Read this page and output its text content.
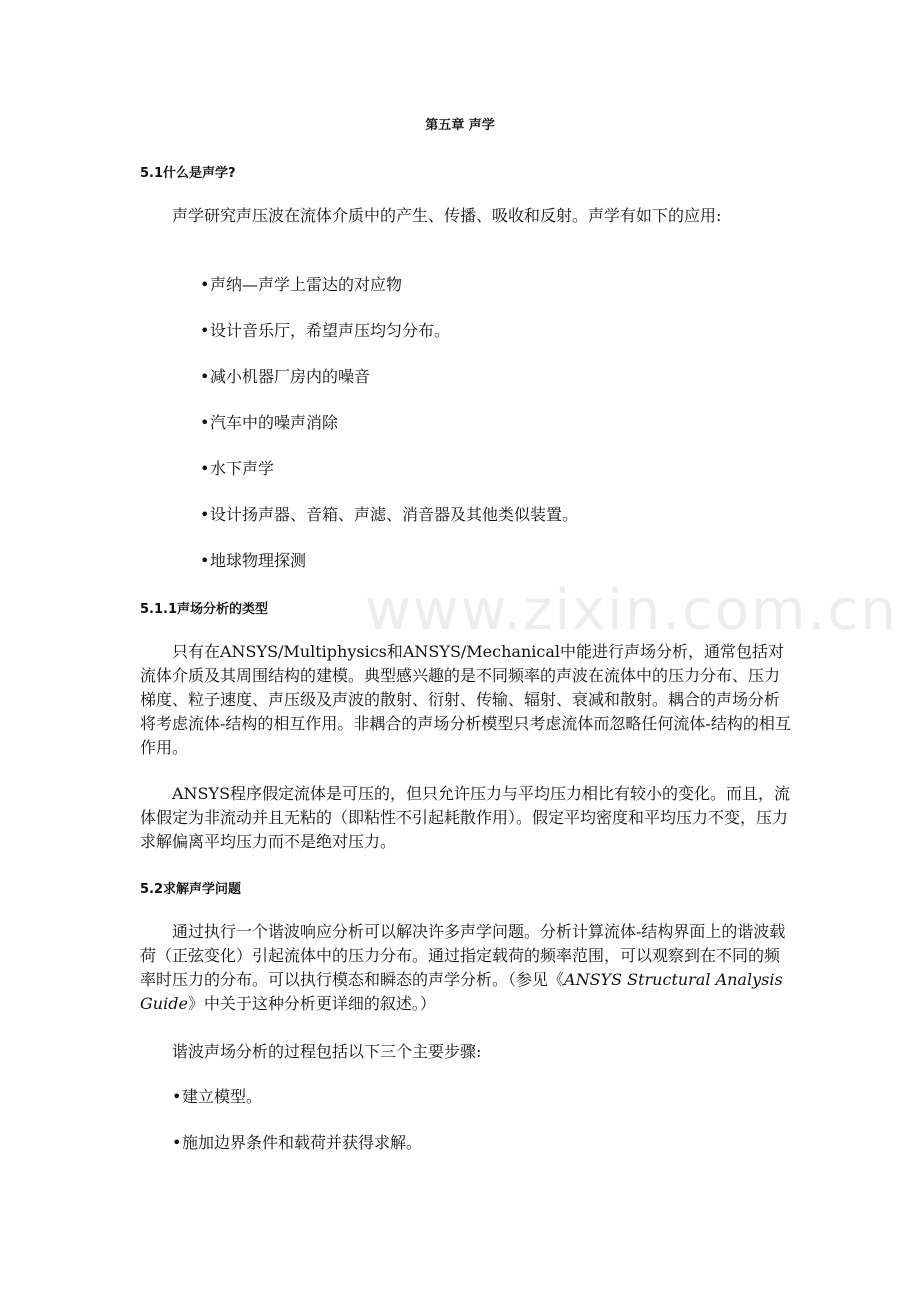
www.zixin.com.cn
第五章 声学
5.1什么是声学?

声学研究声压波在流体介质中的产生、传播、吸收和反射。声学有如下的应用:

•声纳—声学上雷达的对应物
•设计音乐厅，希望声压均匀分布。
•减小机器厂房内的噪音
•汽车中的噪声消除
•水下声学
•设计扬声器、音箱、声滤、消音器及其他类似装置。
•地球物理探测
5.1.1声场分析的类型

只有在ANSYS/Multiphysics和ANSYS/Mechanical中能进行声场分析，通常包括对流体介质及其周围结构的建模。典型感兴趣的是不同频率的声波在流体中的压力分布、压力梯度、粒子速度、声压级及声波的散射、衍射、传输、辐射、衰减和散射。耦合的声场分析将考虑流体-结构的相互作用。非耦合的声场分析模型只考虑流体而忽略任何流体-结构的相互作用。

ANSYS程序假定流体是可压的，但只允许压力与平均压力相比有较小的变化。而且，流体假定为非流动并且无粘的（即粘性不引起耗散作用）。假定平均密度和平均压力不变，压力求解偏离平均压力而不是绝对压力。

5.2求解声学问题

通过执行一个谐波响应分析可以解决许多声学问题。分析计算流体-结构界面上的谐波载荷（正弦变化）引起流体中的压力分布。通过指定载荷的频率范围，可以观察到在不同的频率时压力的分布。可以执行模态和瞬态的声学分析。（参见《ANSYS Structural Analysis Guide》中关于这种分析更详细的叙述。）

谐波声场分析的过程包括以下三个主要步骤:

•建立模型。
•施加边界条件和载荷并获得求解。
